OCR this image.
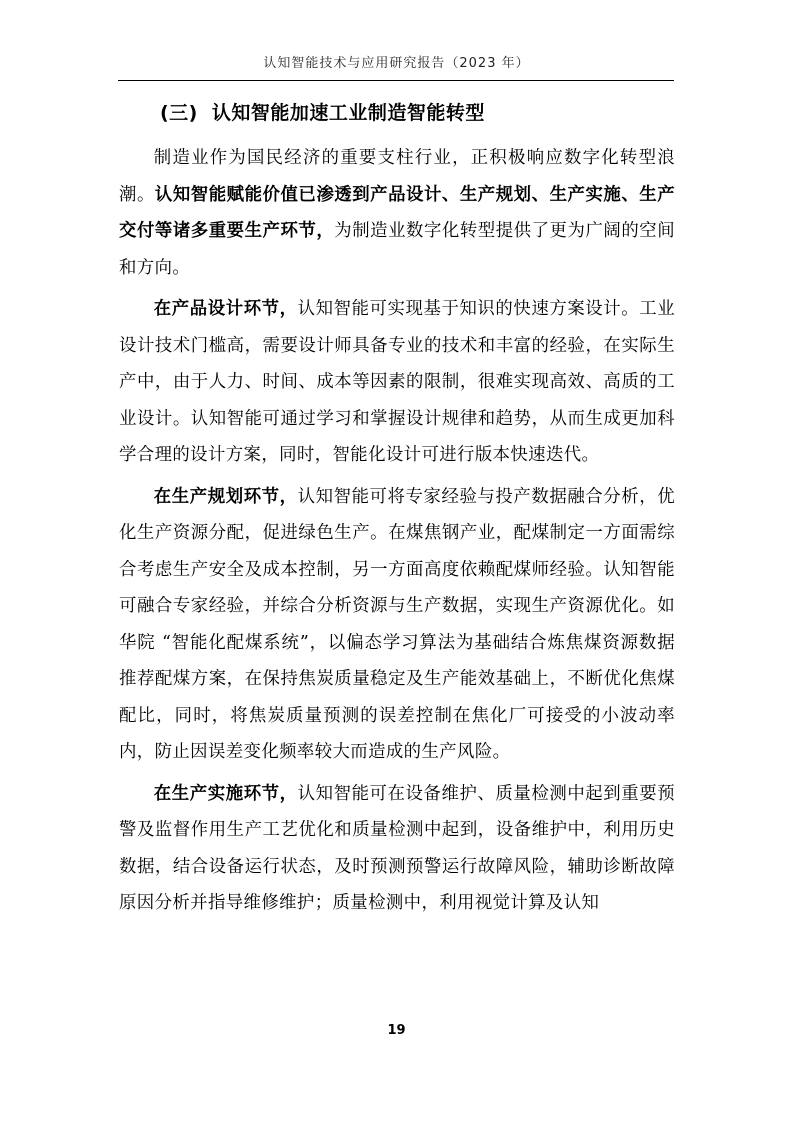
认知智能技术与应用研究报告（2023 年）
(三) 认知智能加速工业制造智能转型

制造业作为国民经济的重要支柱行业，正积极响应数字化转型浪潮。认知智能赋能价值已渗透到产品设计、生产规划、生产实施、生产交付等诸多重要生产环节，为制造业数字化转型提供了更为广阔的空间和方向。

在产品设计环节，认知智能可实现基于知识的快速方案设计。工业设计技术门槛高，需要设计师具备专业的技术和丰富的经验，在实际生产中，由于人力、时间、成本等因素的限制，很难实现高效、高质的工业设计。认知智能可通过学习和掌握设计规律和趋势，从而生成更加科学合理的设计方案，同时，智能化设计可进行版本快速迭代。

在生产规划环节，认知智能可将专家经验与投产数据融合分析，优化生产资源分配，促进绿色生产。在煤焦钢产业，配煤制定一方面需综合考虑生产安全及成本控制，另一方面高度依赖配煤师经验。认知智能可融合专家经验，并综合分析资源与生产数据，实现生产资源优化。如华院 “智能化配煤系统”，以偏态学习算法为基础结合炼焦煤资源数据推荐配煤方案，在保持焦炭质量稳定及生产能效基础上，不断优化焦煤配比，同时，将焦炭质量预测的误差控制在焦化厂可接受的小波动率内，防止因误差变化频率较大而造成的生产风险。

在生产实施环节，认知智能可在设备维护、质量检测中起到重要预警及监督作用生产工艺优化和质量检测中起到，设备维护中，利用历史数据，结合设备运行状态，及时预测预警运行故障风险，辅助诊断故障原因分析并指导维修维护；质量检测中，利用视觉计算及认知

19
